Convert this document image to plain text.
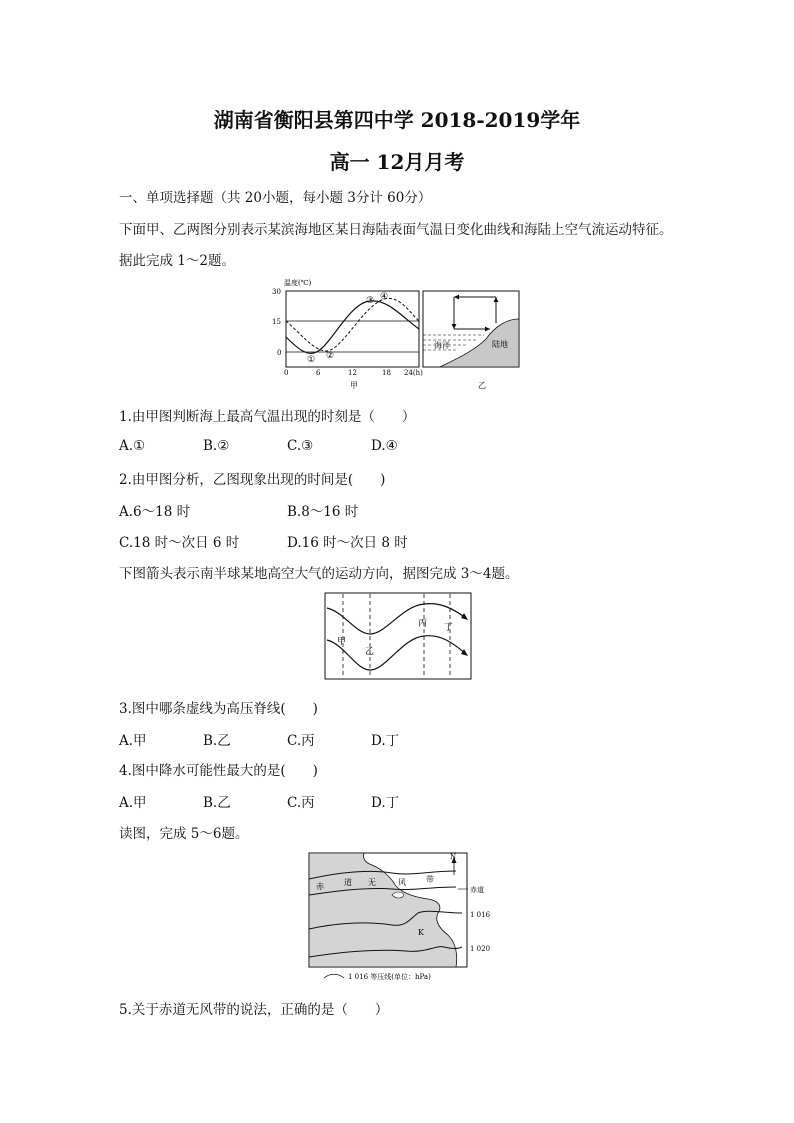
湖南省衡阳县第四中学 2018-2019学年
高一 12月月考
一、单项选择题（共 20小题，每小题 3分计 60分）
下面甲、乙两图分别表示某滨海地区某日海陆表面气温日变化曲线和海陆上空气流运动特征。
据此完成 1～2题。
温度(℃)
30
15
0
0	6	12	18 24(h)
甲
① ②
③ ④
海洋	陆地
乙
1.由甲图判断海上最高气温出现的时刻是（　　）
A.①	B.②	C.③	D.④
2.由甲图分析，乙图现象出现的时间是(　　)
A.6～18 时	B.8～16 时
C.18 时～次日 6 时	D.16 时～次日 8 时
下图箭头表示南半球某地高空大气的运动方向，据图完成 3～4题。
甲
乙
丙 丁
3.图中哪条虚线为高压脊线(　　)
A.甲	B.乙	C.丙	D.丁
4.图中降水可能性最大的是(　　)
A.甲	B.乙	C.丙	D.丁
读图，完成 5～6题。
赤	道 无	风	带
N
赤道
1 016
1 020
K
1 016 等压线(单位：hPa)
5.关于赤道无风带的说法，正确的是（　　）
